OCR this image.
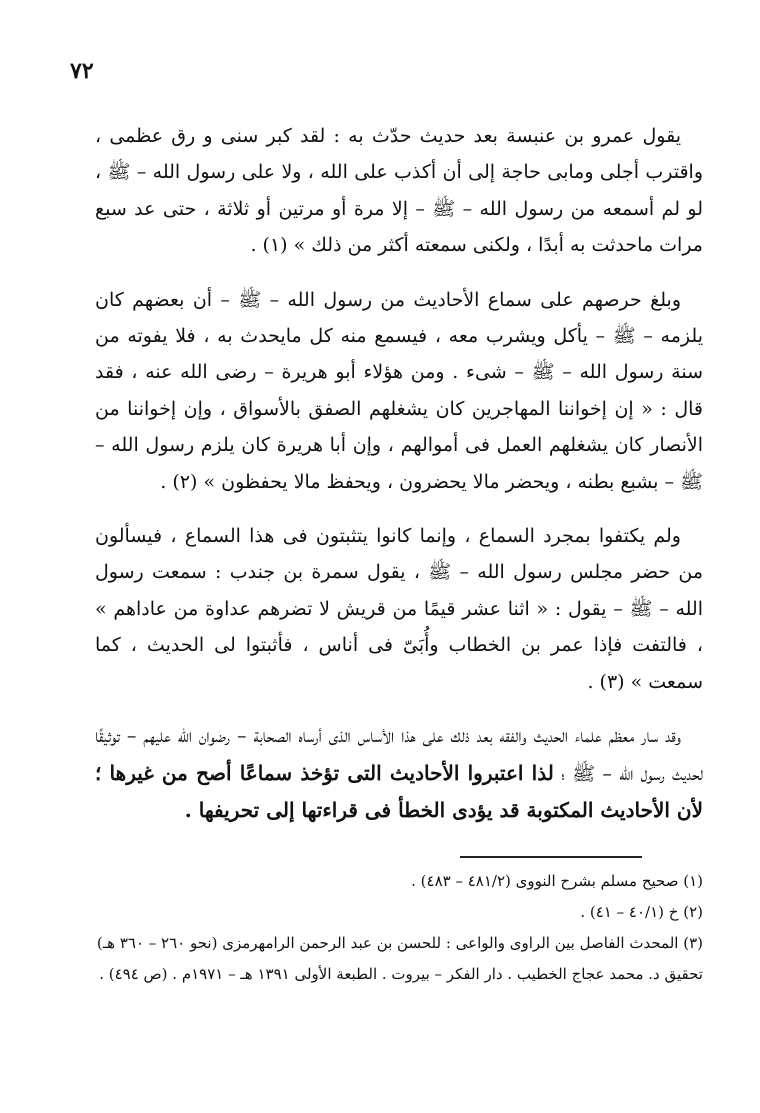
٧٢

يقول عمرو بن عنبسة بعد حديث حدّث به : لقد كبر سنى و رق عظمى ، واقترب أجلى ومابى حاجة إلى أن أكذب على الله ، ولا على رسول الله – ﷺ ، لو لم أسمعه من رسول الله – ﷺ – إلا مرة أو مرتين أو ثلاثة ، حتى عد سبع مرات ماحدثت به أبدًا ، ولكنى سمعته أكثر من ذلك » (١) .

وبلغ حرصهم على سماع الأحاديث من رسول الله – ﷺ – أن بعضهم كان يلزمه – ﷺ – يأكل ويشرب معه ، فيسمع منه كل مايحدث به ، فلا يفوته من سنة رسول الله – ﷺ – شىء . ومن هؤلاء أبو هريرة – رضى الله عنه ، فقد قال : « إن إخواننا المهاجرين كان يشغلهم الصفق بالأسواق ، وإن إخواننا من الأنصار كان يشغلهم العمل فى أموالهم ، وإن أبا هريرة كان يلزم رسول الله – ﷺ – بشبع بطنه ، ويحضر مالا يحضرون ، ويحفظ مالا يحفظون » (٢) .

ولم يكتفوا بمجرد السماع ، وإنما كانوا يتثبتون فى هذا السماع ، فيسألون من حضر مجلس رسول الله – ﷺ ، يقول سمرة بن جندب : سمعت رسول الله – ﷺ – يقول : « اثنا عشر قيمًا من قريش لا تضرهم عداوة من عاداهم » ، فالتفت فإذا عمر بن الخطاب وأُبَىّ فى أناس ، فأثبتوا لى الحديث ، كما سمعت » (٣) .

وقد سار معظم علماء الحديث والفقه بعد ذلك على هذا الأساس الذى أرساه الصحابة – رضوان الله عليهم – توثيقًا لحديث رسول الله – ﷺ ؛ لذا اعتبروا الأحاديث التى تؤخذ سماعًا أصح من غيرها ؛ لأن الأحاديث المكتوبة قد يؤدى الخطأ فى قراءتها إلى تحريفها .

(١) صحيح مسلم بشرح النووى (٤٨١/٢ – ٤٨٣) .

(٢) خ (٤٠/١ – ٤١) .

(٣) المحدث الفاصل بين الراوى والواعى : للحسن بن عبد الرحمن الرامهرمزى (نحو ٢٦٠ – ٣٦٠ هـ) تحقيق د. محمد عجاج الخطيب . دار الفكر – بيروت . الطبعة الأولى ١٣٩١ هـ – ١٩٧١م . (ص ٤٩٤) .
